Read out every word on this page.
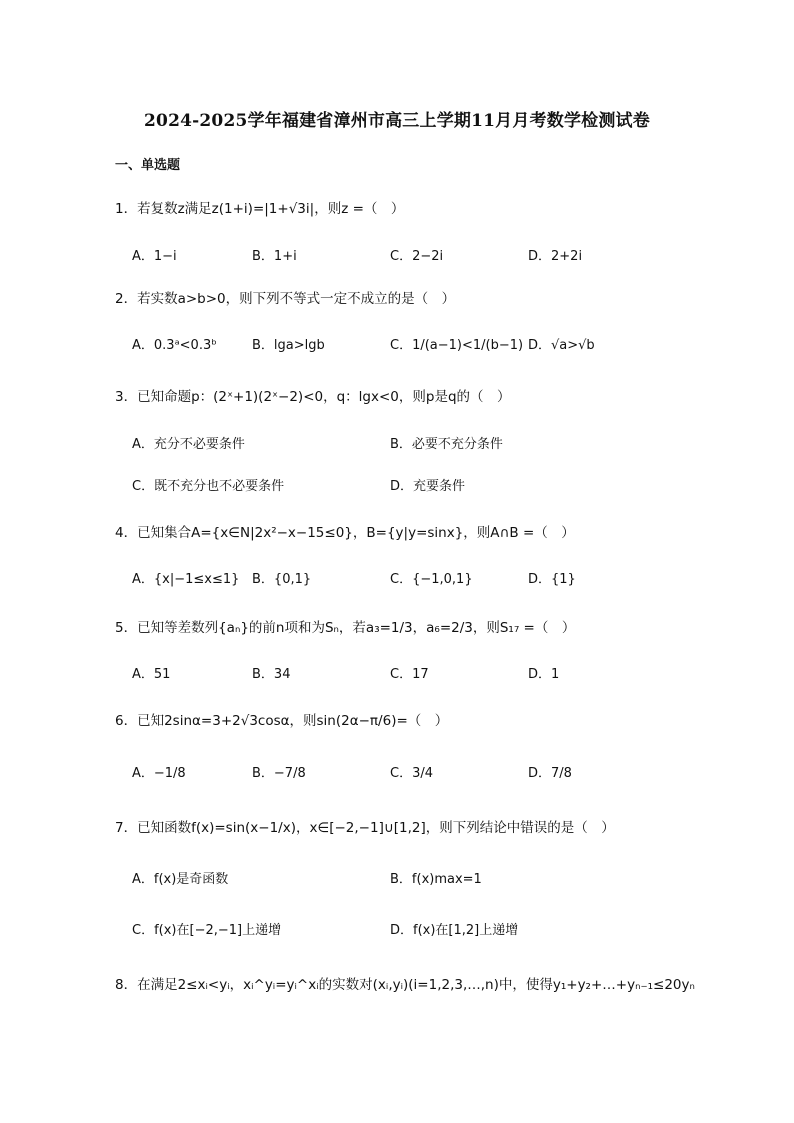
2024-2025学年福建省漳州市高三上学期11月月考数学检测试卷
一、单选题
1．若复数z满足z(1+i)=|1+√3i|，则z =（　）
A．1−i	B．1+i	C．2−2i	D．2+2i
2．若实数a>b>0，则下列不等式一定不成立的是（　）
A．0.3ᵃ<0.3ᵇ	B．lga>lgb	C．1/(a−1)<1/(b−1) D．√a>√b
3．已知命题p：(2ˣ+1)(2ˣ−2)<0，q：lgx<0，则p是q的（　）
A．充分不必要条件	B．必要不充分条件
C．既不充分也不必要条件	D．充要条件
4．已知集合A={x∈N|2x²−x−15≤0}，B={y|y=sinx}，则A∩B =（　）
A．{x|−1≤x≤1} B．{0,1}	C．{−1,0,1}	D．{1}
5．已知等差数列{aₙ}的前n项和为Sₙ，若a₃=1/3，a₆=2/3，则S₁₇ =（　）
A．51	B．34	C．17	D．1
6．已知2sinα=3+2√3cosα，则sin(2α−π/6)=（　）
A．−1/8	B．−7/8	C．3/4	D．7/8
7．已知函数f(x)=sin(x−1/x)，x∈[−2,−1]∪[1,2]，则下列结论中错误的是（　）
A．f(x)是奇函数	B．f(x)max=1
C．f(x)在[−2,−1]上递增	D．f(x)在[1,2]上递增
8．在满足2≤xᵢ<yᵢ，xᵢ^yᵢ=yᵢ^xᵢ的实数对(xᵢ,yᵢ)(i=1,2,3,…,n)中，使得y₁+y₂+…+yₙ₋₁≤20yₙ
